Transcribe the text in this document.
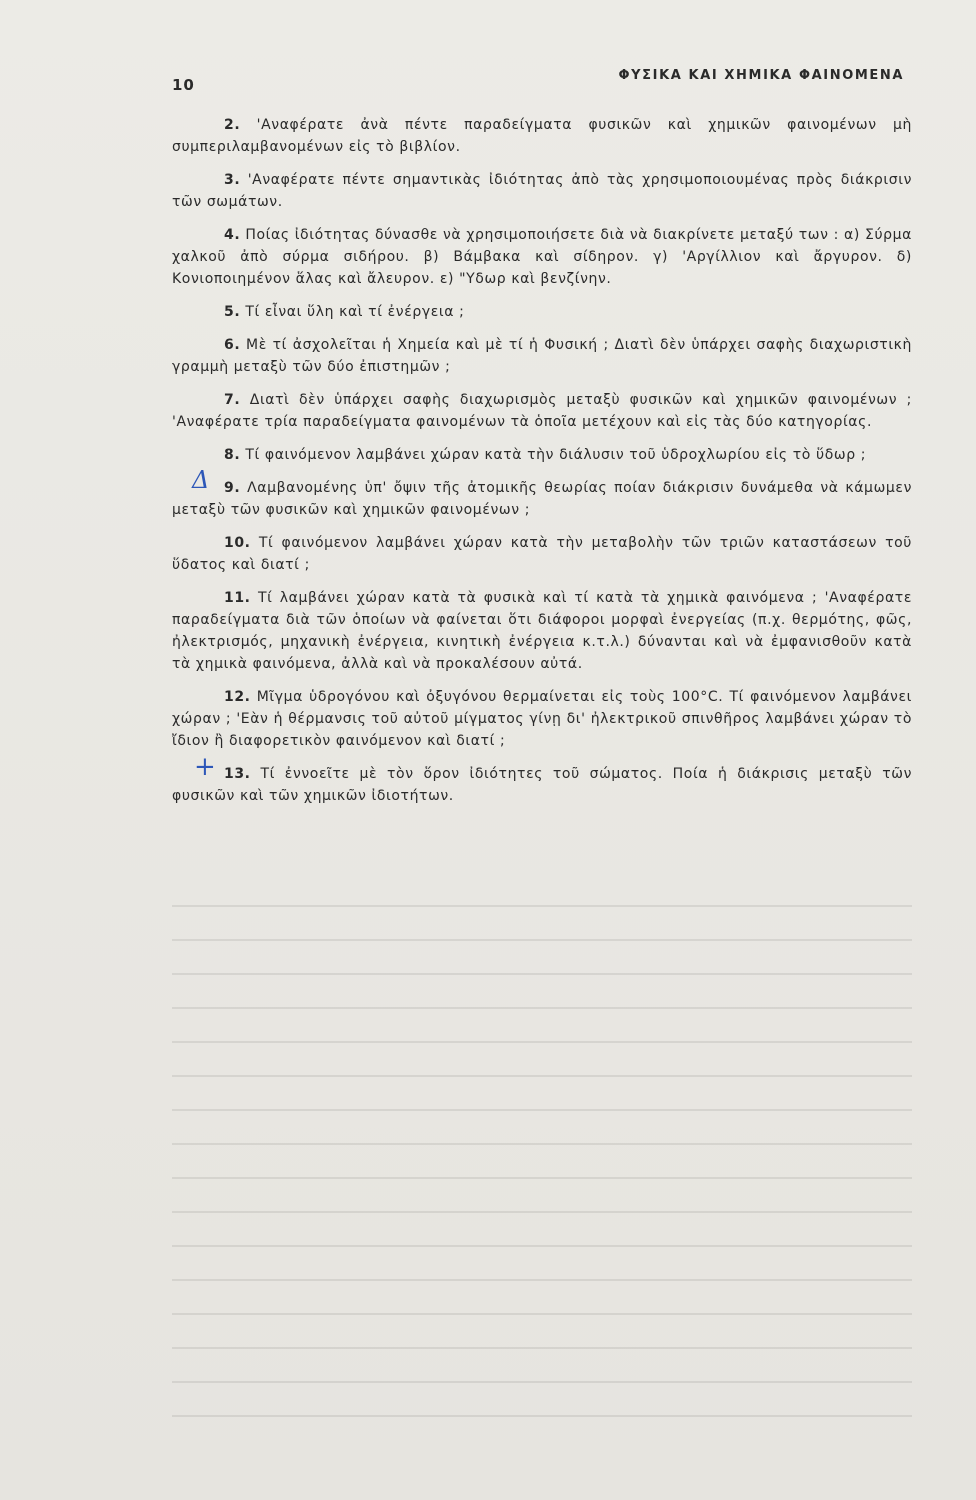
10
ΦΥΣΙΚΑ ΚΑΙ ΧΗΜΙΚΑ ΦΑΙΝΟΜΕΝΑ
2. 'Αναφέρατε ἀνὰ πέντε παραδείγματα φυσικῶν καὶ χημικῶν φαινομένων μὴ συμπεριλαμβανομένων εἰς τὸ βιβλίον.
3. 'Αναφέρατε πέντε σημαντικὰς ἰδιότητας ἀπὸ τὰς χρησιμοποιουμένας πρὸς διάκρισιν τῶν σωμάτων.
4. Ποίας ἰδιότητας δύνασθε νὰ χρησιμοποιήσετε διὰ νὰ διακρίνετε μεταξύ των : α) Σύρμα χαλκοῦ ἀπὸ σύρμα σιδήρου. β) Βάμβακα καὶ σίδηρον. γ) 'Αργίλλιον καὶ ἄργυρον. δ) Κονιοποιημένον ἅλας καὶ ἄλευρον. ε) "Υδωρ καὶ βενζίνην.
5. Τί εἶναι ὕλη καὶ τί ἐνέργεια ;
6. Μὲ τί ἀσχολεῖται ἡ Χημεία καὶ μὲ τί ἡ Φυσική ; Διατὶ δὲν ὑπάρχει σαφὴς διαχωριστικὴ γραμμὴ μεταξὺ τῶν δύο ἐπιστημῶν ;
7. Διατὶ δὲν ὑπάρχει σαφὴς διαχωρισμὸς μεταξὺ φυσικῶν καὶ χημικῶν φαινομένων ; 'Αναφέρατε τρία παραδείγματα φαινομένων τὰ ὁποῖα μετέχουν καὶ εἰς τὰς δύο κατηγορίας.
8. Τί φαινόμενον λαμβάνει χώραν κατὰ τὴν διάλυσιν τοῦ ὑδροχλωρίου εἰς τὸ ὕδωρ ;
Δ 9. Λαμβανομένης ὑπ' ὄψιν τῆς ἀτομικῆς θεωρίας ποίαν διάκρισιν δυνάμεθα νὰ κάμωμεν μεταξὺ τῶν φυσικῶν καὶ χημικῶν φαινομένων ;
10. Τί φαινόμενον λαμβάνει χώραν κατὰ τὴν μεταβολὴν τῶν τριῶν καταστάσεων τοῦ ὕδατος καὶ διατί ;
11. Τί λαμβάνει χώραν κατὰ τὰ φυσικὰ καὶ τί κατὰ τὰ χημικὰ φαινόμενα ; 'Αναφέρατε παραδείγματα διὰ τῶν ὁποίων νὰ φαίνεται ὅτι διάφοροι μορφαὶ ἐνεργείας (π.χ. θερμότης, φῶς, ἠλεκτρισμός, μηχανικὴ ἐνέργεια, κινητικὴ ἐνέργεια κ.τ.λ.) δύνανται καὶ νὰ ἐμφανισθοῦν κατὰ τὰ χημικὰ φαινόμενα, ἀλλὰ καὶ νὰ προκαλέσουν αὐτά.
12. Μῖγμα ὑδρογόνου καὶ ὀξυγόνου θερμαίνεται εἰς τοὺς 100°C. Τί φαινόμενον λαμβάνει χώραν ; 'Εὰν ἡ θέρμανσις τοῦ αὐτοῦ μίγματος γίνῃ δι' ἠλεκτρικοῦ σπινθῆρος λαμβάνει χώραν τὸ ἴδιον ἢ διαφορετικὸν φαινόμενον καὶ διατί ;
+ 13. Τί ἐννοεῖτε μὲ τὸν ὅρον ἰδιότητες τοῦ σώματος. Ποία ἡ διάκρισις μεταξὺ τῶν φυσικῶν καὶ τῶν χημικῶν ἰδιοτήτων.
